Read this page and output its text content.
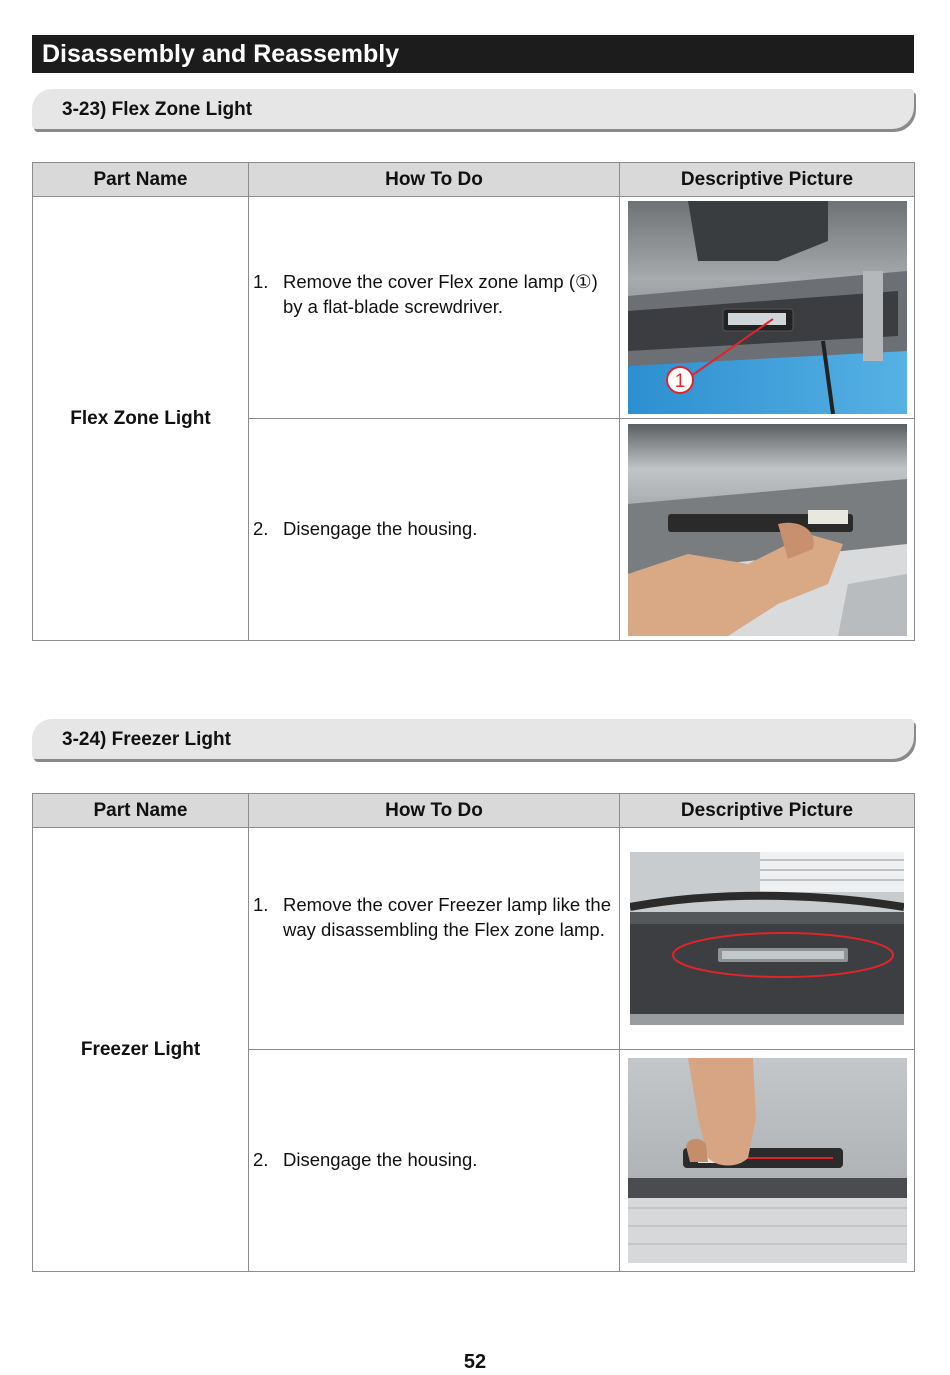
Disassembly and Reassembly
3-23) Flex Zone Light
Part Name	How To Do	Descriptive Picture
Flex Zone Light	1. Remove the cover Flex zone lamp (①) by a flat-blade screwdriver.	1

	2. Disengage the housing.

3-24) Freezer Light
Part Name	How To Do	Descriptive Picture
Freezer Light	1. Remove the cover Freezer lamp like the way disassembling the Flex zone lamp.

	2. Disengage the housing.

52
